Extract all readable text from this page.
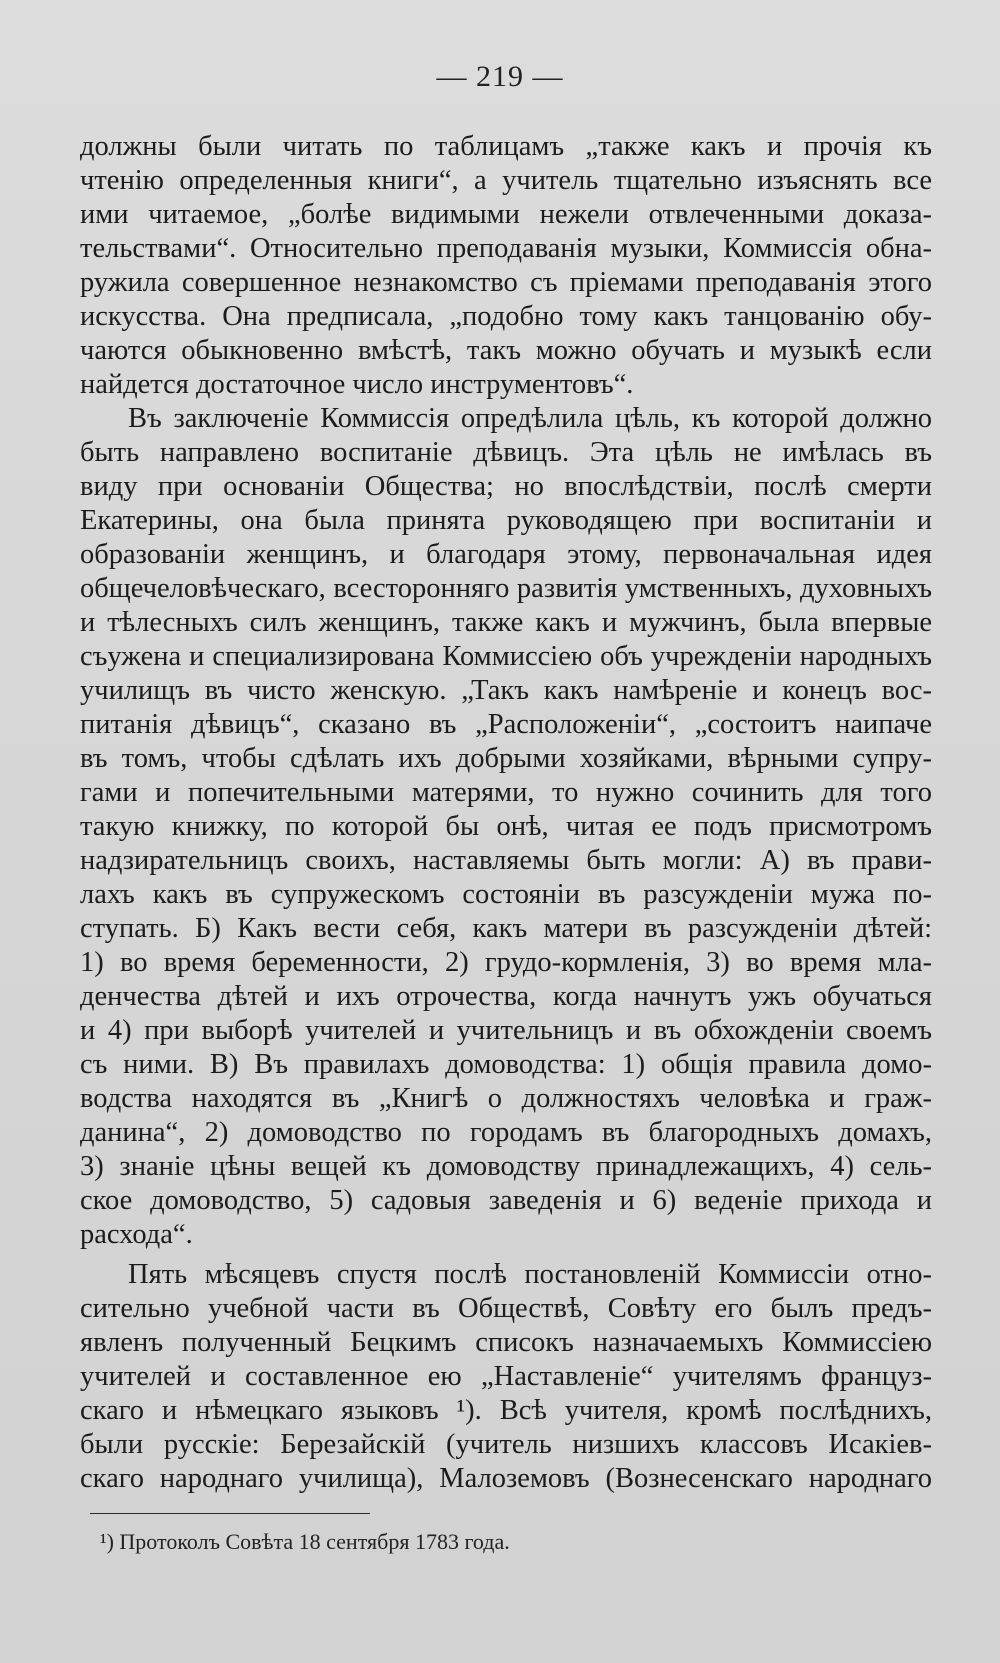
— 219 —
должны были читать по таблицамъ „также какъ и прочія къ
чтенію определенныя книги“, а учитель тщательно изъяснять все
ими читаемое, „болѣе видимыми нежели отвлеченными доказа-
тельствами“. Относительно преподаванія музыки, Коммиссія обна-
ружила совершенное незнакомство съ пріемами преподаванія этого
искусства. Она предписала, „подобно тому какъ танцованію обу-
чаются обыкновенно вмѣстѣ, такъ можно обучать и музыкѣ если
найдется достаточное число инструментовъ“.
Въ заключеніе Коммиссія опредѣлила цѣль, къ которой должно
быть направлено воспитаніе дѣвицъ. Эта цѣль не имѣлась въ
виду при основаніи Общества; но впослѣдствіи, послѣ смерти
Екатерины, она была принята руководящею при воспитаніи и
образованіи женщинъ, и благодаря этому, первоначальная идея
общечеловѣческаго, всесторонняго развитія умственныхъ, духовныхъ
и тѣлесныхъ силъ женщинъ, также какъ и мужчинъ, была впервые
съужена и специализирована Коммиссіею объ учрежденіи народныхъ
училищъ въ чисто женскую. „Такъ какъ намѣреніе и конецъ вос-
питанія дѣвицъ“, сказано въ „Расположеніи“, „состоитъ наипаче
въ томъ, чтобы сдѣлать ихъ добрыми хозяйками, вѣрными супру-
гами и попечительными матерями, то нужно сочинить для того
такую книжку, по которой бы онѣ, читая ее подъ присмотромъ
надзирательницъ своихъ, наставляемы быть могли: А) въ прави-
лахъ какъ въ супружескомъ состояніи въ разсужденіи мужа по-
ступать. Б) Какъ вести себя, какъ матери въ разсужденіи дѣтей:
1) во время беременности, 2) грудо-кормленія, 3) во время мла-
денчества дѣтей и ихъ отрочества, когда начнутъ ужъ обучаться
и 4) при выборѣ учителей и учительницъ и въ обхожденіи своемъ
съ ними. В) Въ правилахъ домоводства: 1) общія правила домо-
водства находятся въ „Книгѣ о должностяхъ человѣка и граж-
данина“, 2) домоводство по городамъ въ благородныхъ домахъ,
3) знаніе цѣны вещей къ домоводству принадлежащихъ, 4) сель-
ское домоводство, 5) садовыя заведенія и 6) веденіе прихода и
расхода“.
Пять мѣсяцевъ спустя послѣ постановленій Коммиссіи отно-
сительно учебной части въ Обществѣ, Совѣту его былъ предъ-
явленъ полученный Бецкимъ списокъ назначаемыхъ Коммиссіею
учителей и составленное ею „Наставленіе“ учителямъ француз-
скаго и нѣмецкаго языковъ ¹). Всѣ учителя, кромѣ послѣднихъ,
были русскіе: Березайскій (учитель низшихъ классовъ Исакіев-
скаго народнаго училища), Малоземовъ (Вознесенскаго народнаго
¹) Протоколъ Совѣта 18 сентября 1783 года.
